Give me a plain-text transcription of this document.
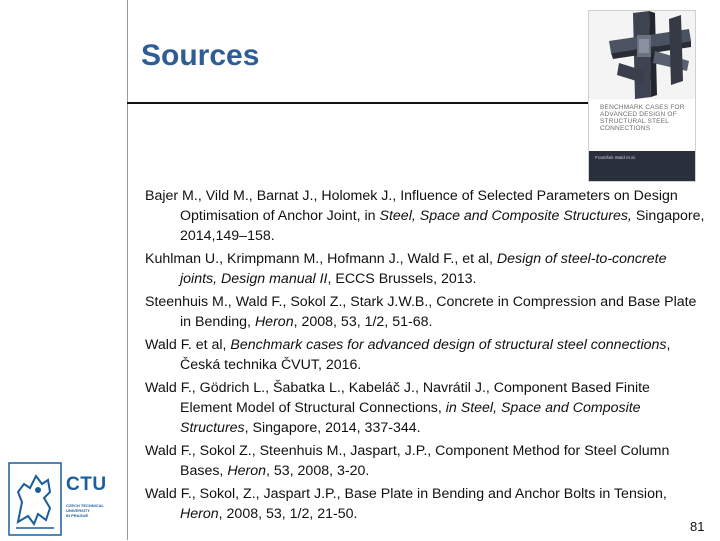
Sources
BENCHMARK CASES FOR ADVANCED DESIGN OF STRUCTURAL STEEL CONNECTIONS
František Wald et al.
Bajer M., Vild M., Barnat J., Holomek J., Influence of Selected Parameters on Design Optimisation of Anchor Joint, in Steel, Space and Composite Structures, Singapore, 2014,149–158.
Kuhlman U., Krimpmann M., Hofmann J., Wald F., et al, Design of steel-to-concrete joints, Design manual II, ECCS Brussels, 2013.
Steenhuis M., Wald F., Sokol Z., Stark J.W.B., Concrete in Compression and Base Plate in Bending, Heron, 2008, 53, 1/2, 51-68.
Wald F. et al, Benchmark cases for advanced design of structural steel connections, Česká technika ČVUT, 2016.
Wald F., Gödrich L., Šabatka L., Kabeláč J., Navrátil J., Component Based Finite Element Model of Structural Connections, in Steel, Space and Composite Structures, Singapore, 2014, 337-344.
Wald F., Sokol Z., Steenhuis M., Jaspart, J.P., Component Method for Steel Column Bases, Heron, 53, 2008, 3-20.
Wald F., Sokol, Z., Jaspart J.P., Base Plate in Bending and Anchor Bolts in Tension, Heron, 2008, 53, 1/2, 21-50.
CTU
CZECH TECHNICAL
UNIVERSITY
IN PRAGUE
81
